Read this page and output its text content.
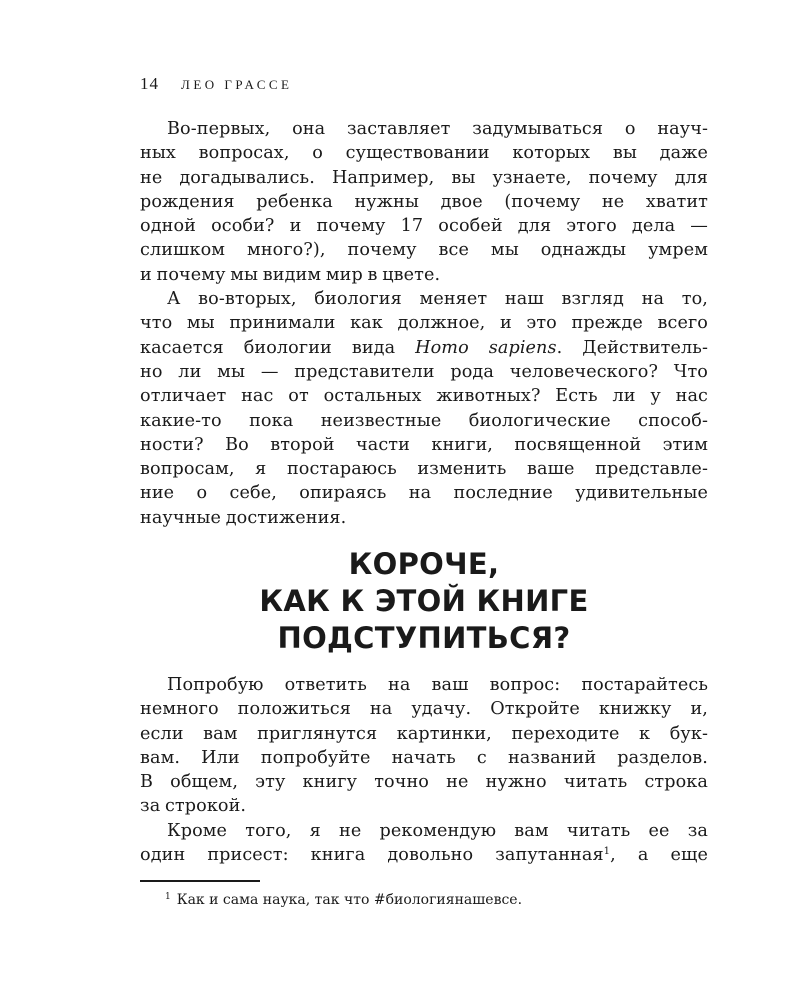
14 ЛЕО ГРАССЕ
Во-первых, она заставляет задумываться о науч-
ных вопросах, о существовании которых вы даже
не догадывались. Например, вы узнаете, почему для
рождения ребенка нужны двое (почему не хватит
одной особи? и почему 17 особей для этого дела —
слишком много?), почему все мы однажды умрем
и почему мы видим мир в цвете.
А во-вторых, биология меняет наш взгляд на то,
что мы принимали как должное, и это прежде всего
касается биологии вида Homo sapiens. Действитель-
но ли мы — представители рода человеческого? Что
отличает нас от остальных животных? Есть ли у нас
какие-то пока неизвестные биологические способ-
ности? Во второй части книги, посвященной этим
вопросам, я постараюсь изменить ваше представле-
ние о себе, опираясь на последние удивительные
научные достижения.
КОРОЧЕ,
КАК К ЭТОЙ КНИГЕ
ПОДСТУПИТЬСЯ?
Попробую ответить на ваш вопрос: постарайтесь
немного положиться на удачу. Откройте книжку и,
если вам приглянутся картинки, переходите к бук-
вам. Или попробуйте начать с названий разделов.
В общем, эту книгу точно не нужно читать строка
за строкой.
Кроме того, я не рекомендую вам читать ее за
один присест: книга довольно запутанная$^1$, а еще
$^1$ Как и сама наука, так что #биологиянашевсе.
